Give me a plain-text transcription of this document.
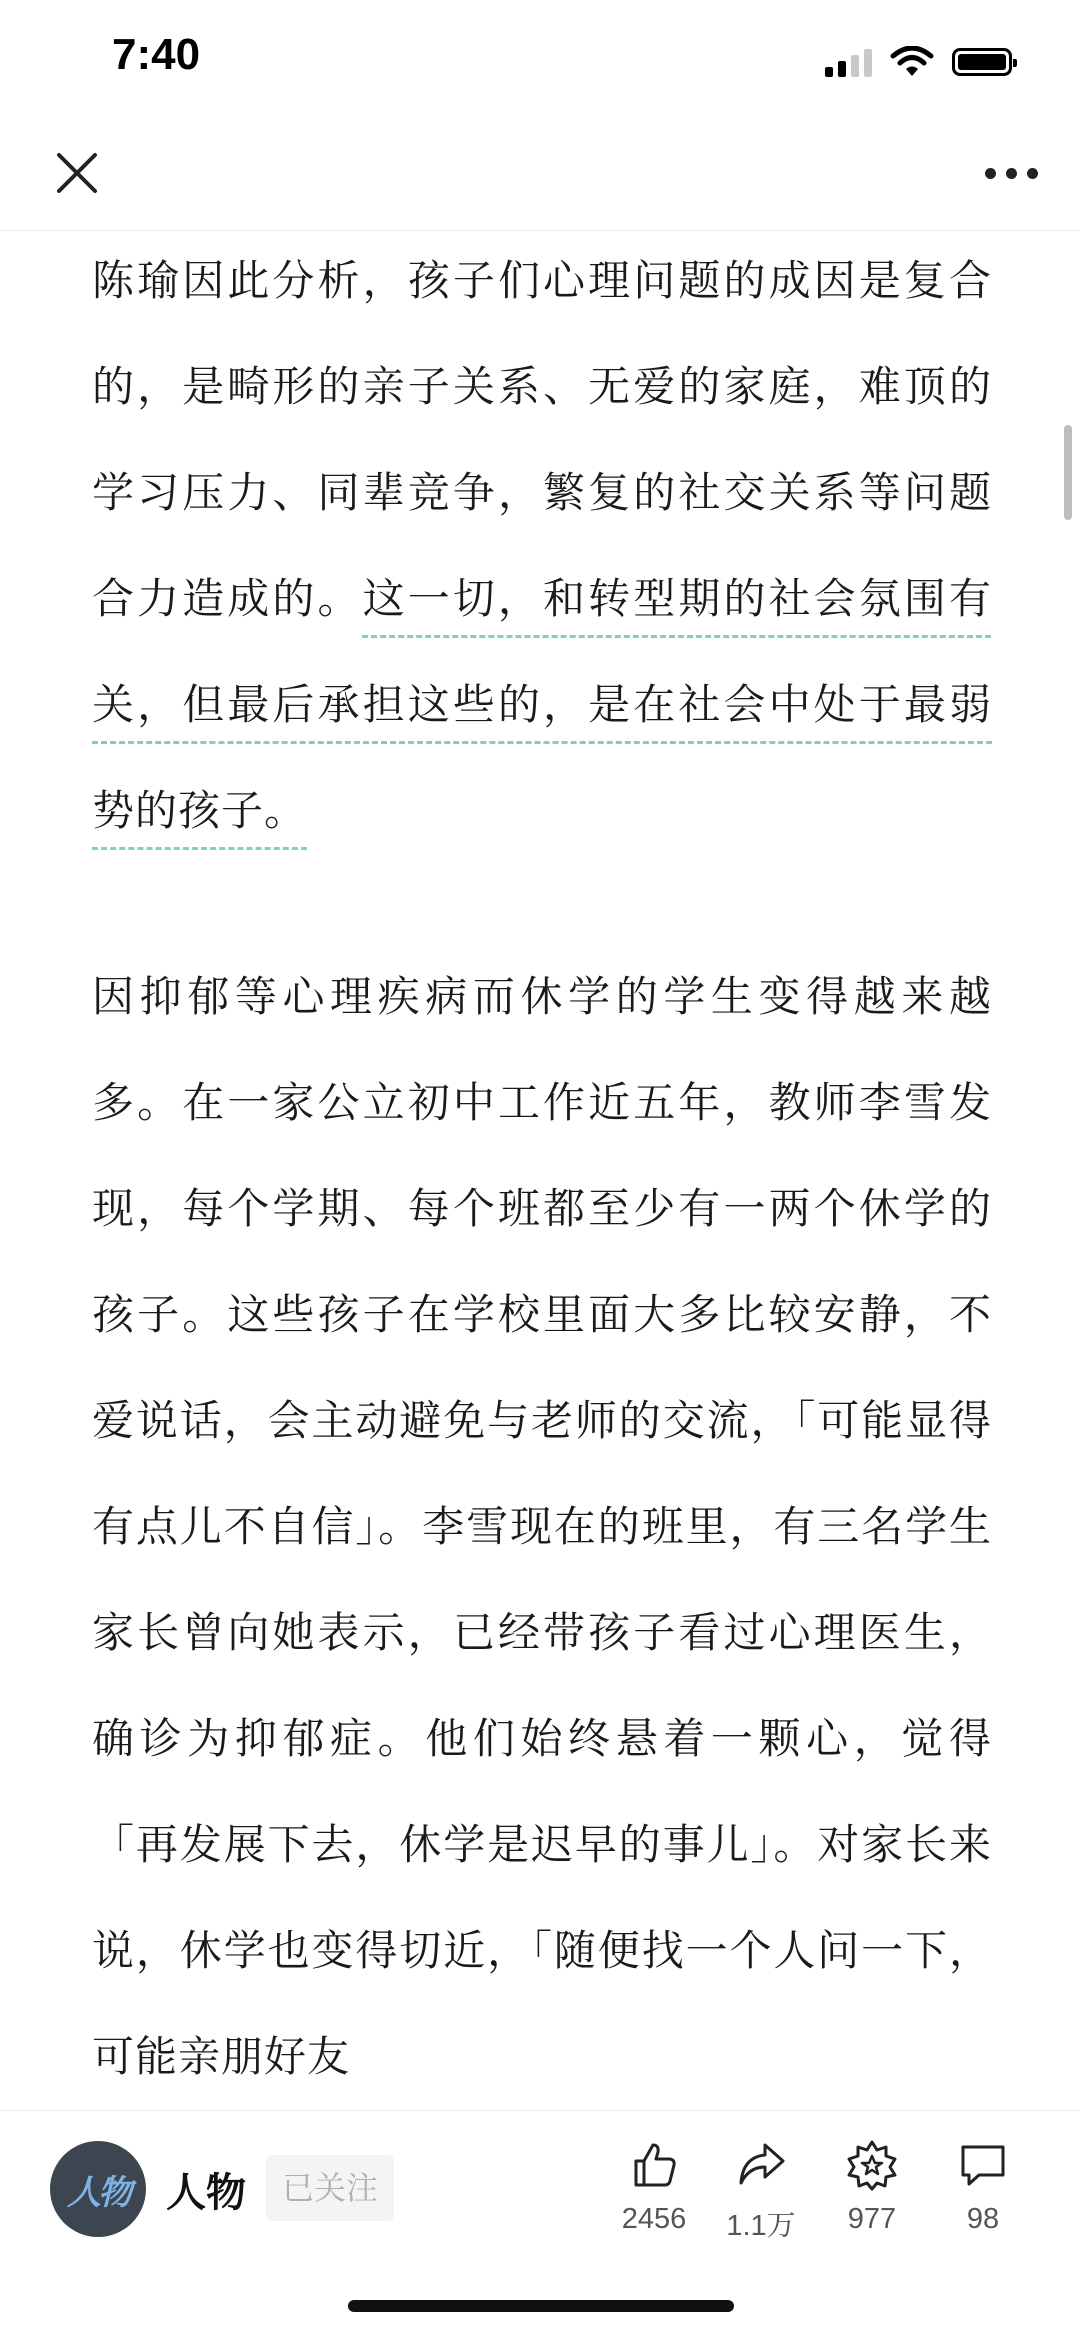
7:40

陈瑜因此分析，孩子们心理问题的成因是复合的，是畸形的亲子关系、无爱的家庭，难顶的学习压力、同辈竞争，繁复的社交关系等问题合力造成的。这一切，和转型期的社会氛围有关，但最后承担这些的，是在社会中处于最弱势的孩子。

因抑郁等心理疾病而休学的学生变得越来越多。在一家公立初中工作近五年，教师李雪发现，每个学期、每个班都至少有一两个休学的孩子。这些孩子在学校里面大多比较安静，不爱说话，会主动避免与老师的交流，「可能显得有点儿不自信」。李雪现在的班里，有三名学生家长曾向她表示，已经带孩子看过心理医生，确诊为抑郁症。他们始终悬着一颗心，觉得「再发展下去，休学是迟早的事儿」。对家长来说，休学也变得切近，「随便找一个人问一下，可能亲朋好友

人物 人物	已关注
2456 1.1万 977 98
